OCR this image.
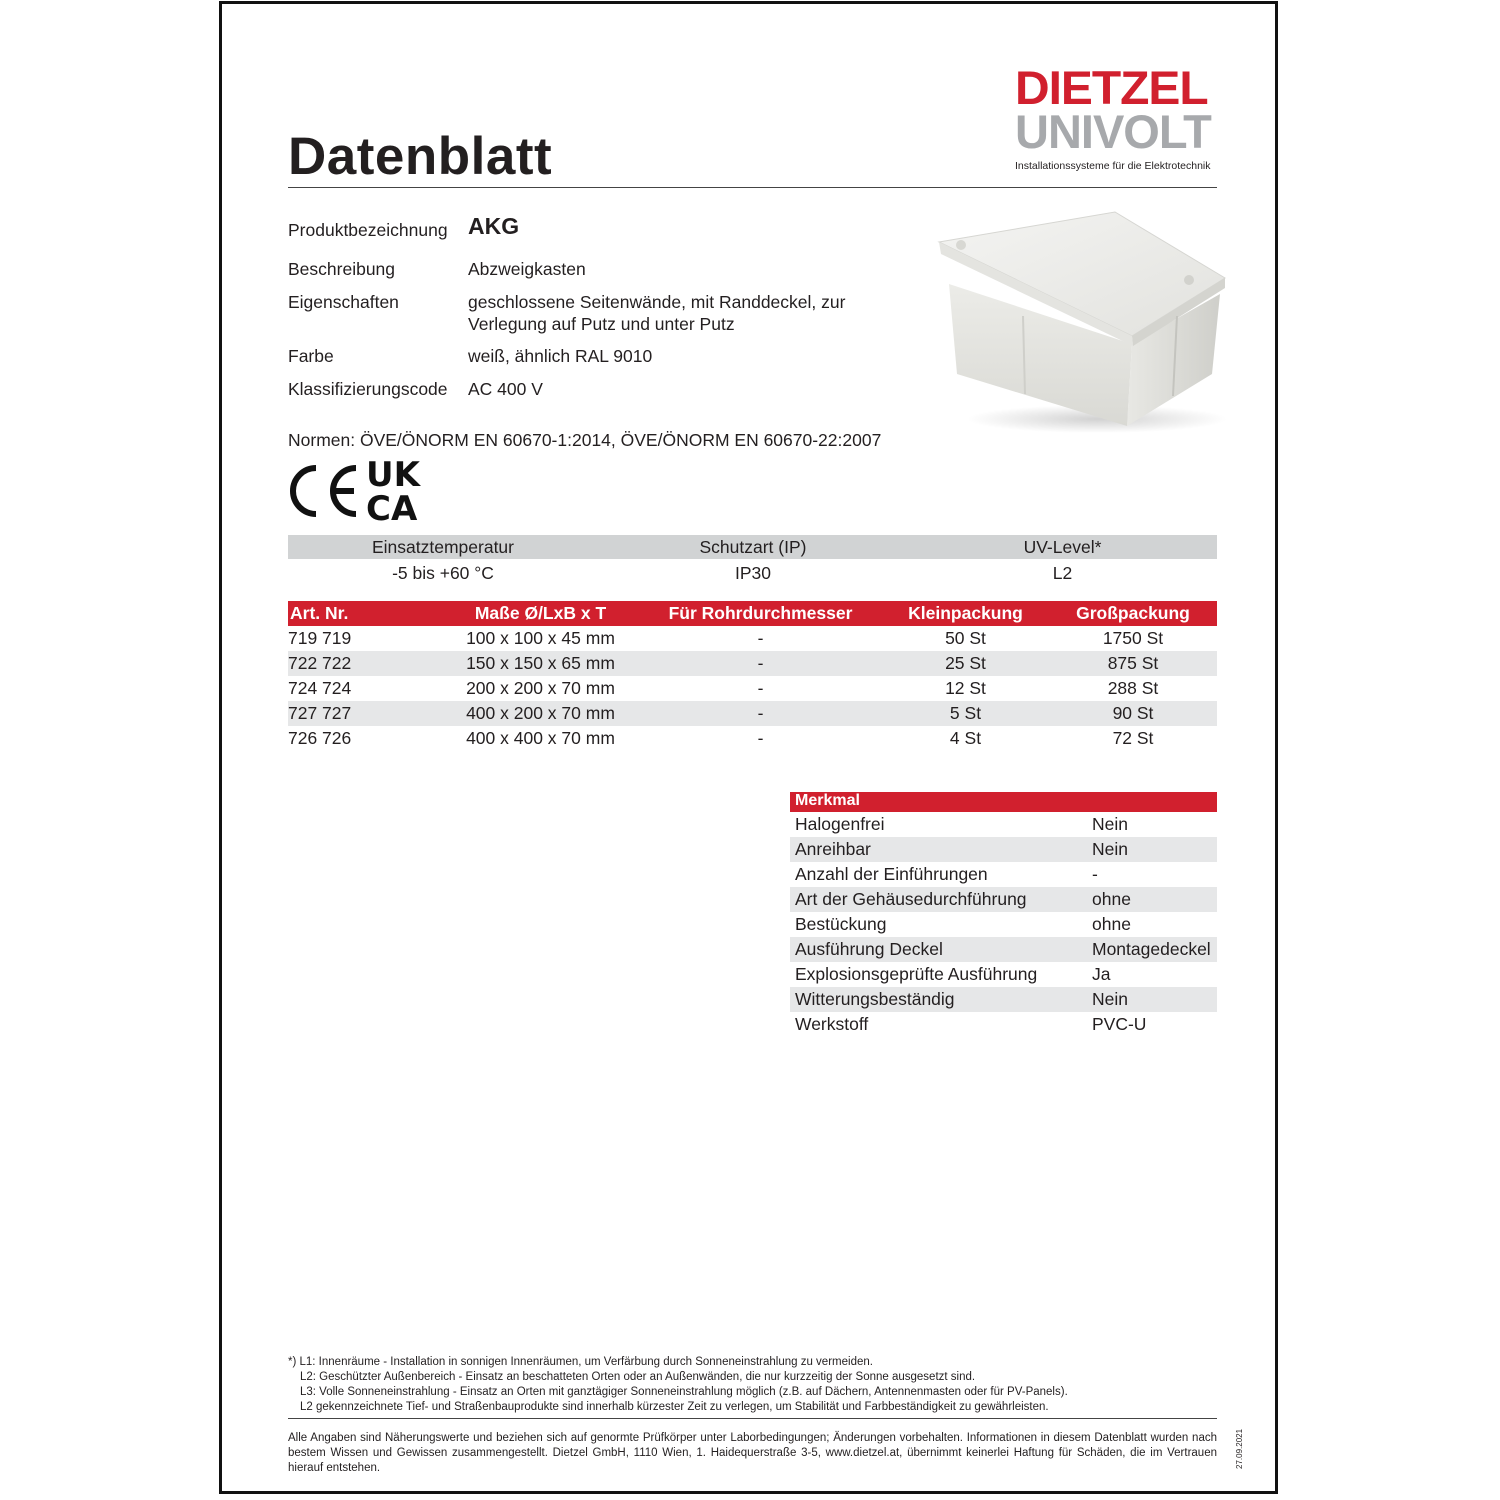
Datenblatt
DIETZEL
UNIVOLT
Installationssysteme für die Elektrotechnik
Produktbezeichnung AKG
Beschreibung	Abzweigkasten
Eigenschaften	geschlossene Seitenwände, mit Randdeckel, zur
Verlegung auf Putz und unter Putz
Farbe	weiß, ähnlich RAL 9010
Klassifizierungscode AC 400 V
Normen: ÖVE/ÖNORM EN 60670-1:2014, ÖVE/ÖNORM EN 60670-22:2007
UK
CA
Einsatztemperatur	Schutzart (IP)	UV-Level*
-5 bis +60 °C	IP30	L2
Art. Nr.	Maße Ø/LxB x T	Für Rohrdurchmesser	Kleinpackung	Großpackung
719 719	100 x 100 x 45 mm	-	50 St	1750 St
722 722	150 x 150 x 65 mm	-	25 St	875 St
724 724	200 x 200 x 70 mm	-	12 St	288 St
727 727	400 x 200 x 70 mm	-	5 St	90 St
726 726	400 x 400 x 70 mm	-	4 St	72 St
Merkmal
Halogenfrei	Nein
Anreihbar	Nein
Anzahl der Einführungen	-
Art der Gehäusedurchführung	ohne
Bestückung	ohne
Ausführung Deckel	Montagedeckel
Explosionsgeprüfte Ausführung	Ja
Witterungsbeständig	Nein
Werkstoff	PVC-U
*) L1: Innenräume - Installation in sonnigen Innenräumen, um Verfärbung durch Sonneneinstrahlung zu vermeiden.
L2: Geschützter Außenbereich - Einsatz an beschatteten Orten oder an Außenwänden, die nur kurzzeitig der Sonne ausgesetzt sind.
L3: Volle Sonneneinstrahlung - Einsatz an Orten mit ganztägiger Sonneneinstrahlung möglich (z.B. auf Dächern, Antennenmasten oder für PV-Panels).
L2 gekennzeichnete Tief- und Straßenbauprodukte sind innerhalb kürzester Zeit zu verlegen, um Stabilität und Farbbeständigkeit zu gewährleisten.
Alle Angaben sind Näherungswerte und beziehen sich auf genormte Prüfkörper unter Laborbedingungen; Änderungen vorbehalten. Informationen in diesem Datenblatt wurden nach bestem Wissen und Gewissen zusammengestellt. Dietzel GmbH, 1110 Wien, 1. Haidequerstraße 3-5, www.dietzel.at, übernimmt keinerlei Haftung für Schäden, die im Vertrauen hierauf entstehen.	27.09.2021
